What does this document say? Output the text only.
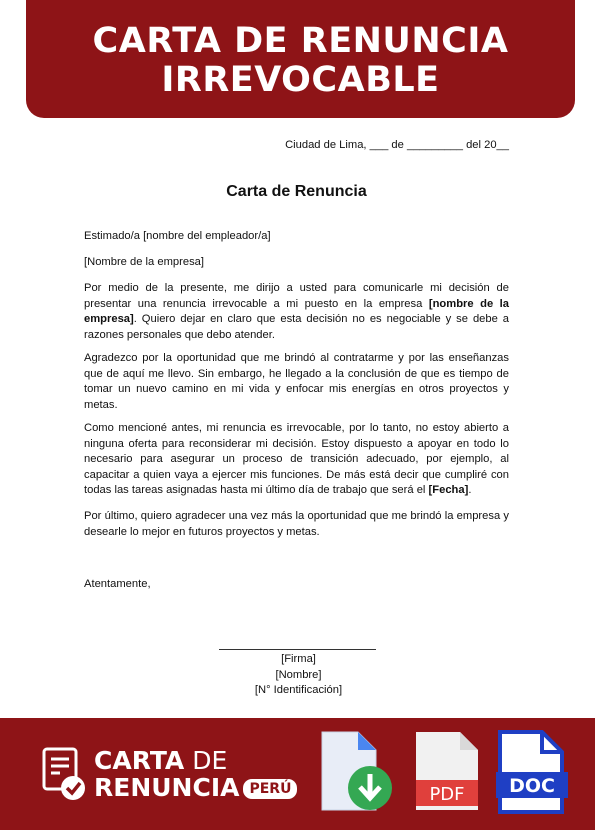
CARTA DE RENUNCIA
IRREVOCABLE
Ciudad de Lima, ___ de _________ del 20__
Carta de Renuncia
Estimado/a [nombre del empleador/a]
[Nombre de la empresa]
Por medio de la presente, me dirijo a usted para comunicarle mi decisión de presentar una renuncia irrevocable a mi puesto en la empresa [nombre de la empresa]. Quiero dejar en claro que esta decisión no es negociable y se debe a razones personales que debo atender.
Agradezco por la oportunidad que me brindó al contratarme y por las enseñanzas que de aquí me llevo. Sin embargo, he llegado a la conclusión de que es tiempo de tomar un nuevo camino en mi vida y enfocar mis energías en otros proyectos y metas.
Como mencioné antes, mi renuncia es irrevocable, por lo tanto, no estoy abierto a ninguna oferta para reconsiderar mi decisión. Estoy dispuesto a apoyar en todo lo necesario para asegurar un proceso de transición adecuado, por ejemplo, al capacitar a quien vaya a ejercer mis funciones. De más está decir que cumpliré con todas las tareas asignadas hasta mi último día de trabajo que será el [Fecha].
Por último, quiero agradecer una vez más la oportunidad que me brindó la empresa y desearle lo mejor en futuros proyectos y metas.
Atentamente,
[Firma]
[Nombre]
[N° Identificación]
CARTA DE
RENUNCIA PERÚ	PDF DOC
